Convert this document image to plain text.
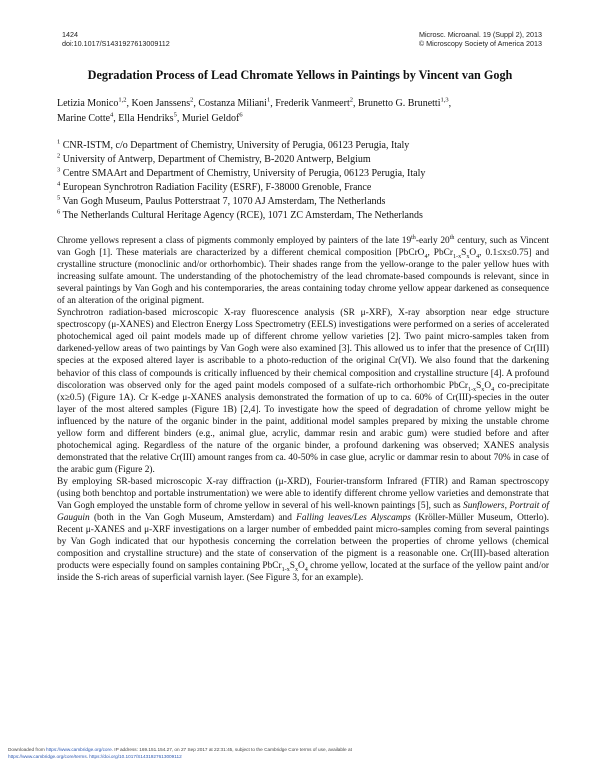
1424
doi:10.1017/S1431927613009112
Microsc. Microanal. 19 (Suppl 2), 2013
© Microscopy Society of America 2013
Degradation Process of Lead Chromate Yellows in Paintings by Vincent van Gogh
Letizia Monico$^{1,2}$, Koen Janssens$^2$, Costanza Miliani$^1$, Frederik Vanmeert$^2$, Brunetto G. Brunetti$^{1,3}$,
Marine Cotte$^4$, Ella Hendriks$^5$, Muriel Geldof$^6$
$^1$ CNR-ISTM, c/o Department of Chemistry, University of Perugia, 06123 Perugia, Italy
$^2$ University of Antwerp, Department of Chemistry, B-2020 Antwerp, Belgium
$^3$ Centre SMAArt and Department of Chemistry, University of Perugia, 06123 Perugia, Italy
$^4$ European Synchrotron Radiation Facility (ESRF), F-38000 Grenoble, France
$^5$ Van Gogh Museum, Paulus Potterstraat 7, 1070 AJ Amsterdam, The Netherlands
$^6$ The Netherlands Cultural Heritage Agency (RCE), 1071 ZC Amsterdam, The Netherlands

Chrome yellows represent a class of pigments commonly employed by painters of the late 19th-early 20th century, such as Vincent van Gogh [1]. These materials are characterized by a different chemical composition [PbCrO$_4$, $PbCr_{1-x}S_xO_4$, 0.1≤x≤0.75] and crystalline structure (monoclinic and/or orthorhombic). Their shades range from the yellow-orange to the paler yellow hues with increasing sulfate amount. The understanding of the photochemistry of the lead chromate-based compounds is relevant, since in several paintings by Van Gogh and his contemporaries, the areas containing today chrome yellow appear darkened as consequence of an alteration of the original pigment.

Synchrotron radiation-based microscopic X-ray fluorescence analysis (SR μ-XRF), X-ray absorption near edge structure spectroscopy (μ-XANES) and Electron Energy Loss Spectrometry (EELS) investigations were performed on a series of accelerated photochemical aged oil paint models made up of different chrome yellow varieties [2]. Two paint micro-samples taken from darkened-yellow areas of two paintings by Van Gogh were also examined [3]. This allowed us to infer that the presence of Cr(III) species at the exposed altered layer is ascribable to a photo-reduction of the original Cr(VI). We also found that the darkening behavior of this class of compounds is critically influenced by their chemical composition and crystalline structure [4]. A profound discoloration was observed only for the aged paint models composed of a sulfate-rich orthorhombic $PbCr_{1-x}S_xO_4$ co-precipitate (x≥0.5) (Figure 1A). Cr K-edge μ-XANES analysis demonstrated the formation of up to ca. 60% of Cr(III)-species in the outer layer of the most altered samples (Figure 1B) [2,4]. To investigate how the speed of degradation of chrome yellow might be influenced by the nature of the organic binder in the paint, additional model samples prepared by mixing the unstable chrome yellow form and different binders (e.g., animal glue, acrylic, dammar resin and arabic gum) were studied before and after photochemical aging. Regardless of the nature of the organic binder, a profound darkening was observed; XANES analysis demonstrated that the relative Cr(III) amount ranges from ca. 40-50% in case glue, acrylic or dammar resin to about 70% in case of the arabic gum (Figure 2).

By employing SR-based microscopic X-ray diffraction (μ-XRD), Fourier-transform Infrared (FTIR) and Raman spectroscopy (using both benchtop and portable instrumentation) we were able to identify different chrome yellow varieties and demonstrate that Van Gogh employed the unstable form of chrome yellow in several of his well-known paintings [5], such as Sunflowers, Portrait of Gauguin (both in the Van Gogh Museum, Amsterdam) and Falling leaves/Les Alyscamps (Kröller-Müller Museum, Otterlo). Recent μ-XANES and μ-XRF investigations on a larger number of embedded paint micro-samples coming from several paintings by Van Gogh indicated that our hypothesis concerning the correlation between the properties of chrome yellows (chemical composition and crystalline structure) and the state of conservation of the pigment is a reasonable one. Cr(III)-based alteration products were especially found on samples containing $PbCr_{1-x}S_xO_4$ chrome yellow, located at the surface of the yellow paint and/or inside the S-rich areas of superficial varnish layer. (See Figure 3, for an example).

Downloaded from https://www.cambridge.org/core. IP address: 169.151.154.27, on 27 Sep 2017 at 22:31:45, subject to the Cambridge Core terms of use, available at
https://www.cambridge.org/core/terms. https://doi.org/10.1017/S1431927613009112
